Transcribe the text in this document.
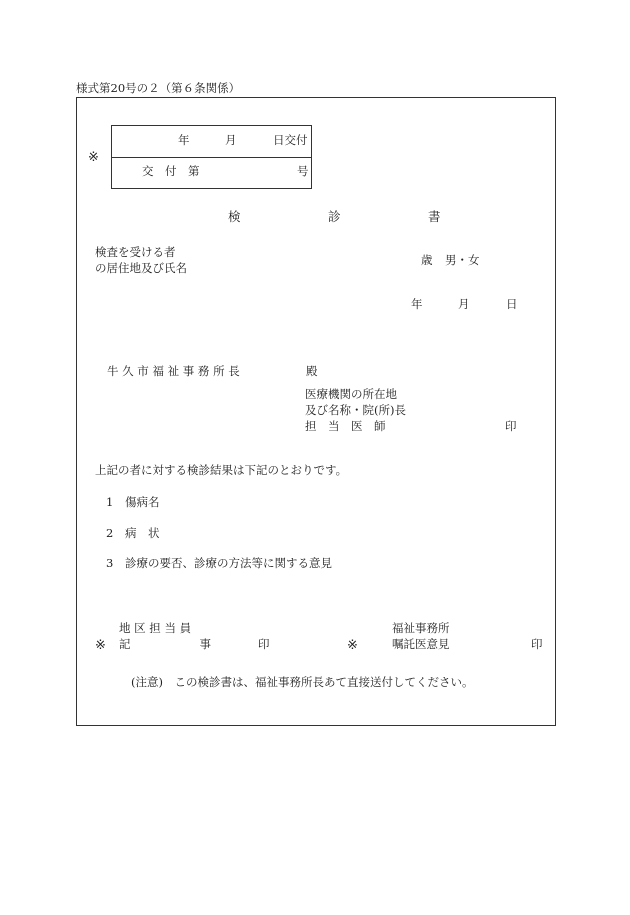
様式第20号の２（第６条関係）
※
年	月	日交付
交　付　第	号
検　　　　　　　診　　　　　　　書
検査を受ける者
の居住地及び氏名
歳 男・女
年	月	日
牛 久 市 福 祉 事 務 所 長	殿
医療機関の所在地
及び名称・院(所)長
担　当　医　師	印
上記の者に対する検診結果は下記のとおりです。
1 傷病名
2 病　状
3 診療の要否、診療の方法等に関する意見
地 区 担 当 員
※ 記　　　　　　事	印	※
福祉事務所
嘱託医意見	印
(注意)　この検診書は、福祉事務所長あて直接送付してください。
